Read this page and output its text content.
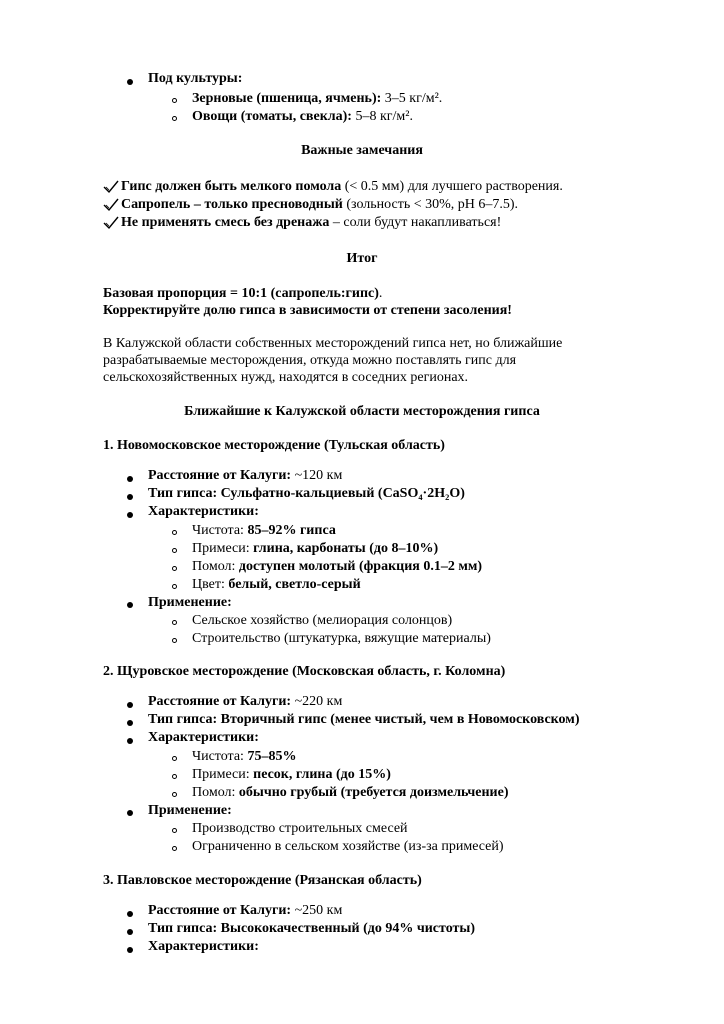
Под культуры:
Зерновые (пшеница, ячмень): 3–5 кг/м².
Овощи (томаты, свекла): 5–8 кг/м².
Важные замечания
Гипс должен быть мелкого помола (< 0.5 мм) для лучшего растворения.
Сапропель – только пресноводный (зольность < 30%, pH 6–7.5).
Не применять смесь без дренажа – соли будут накапливаться!
Итог
Базовая пропорция = 10:1 (сапропель:гипс).
Корректируйте долю гипса в зависимости от степени засоления!
В Калужской области собственных месторождений гипса нет, но ближайшие
разрабатываемые месторождения, откуда можно поставлять гипс для
сельскохозяйственных нужд, находятся в соседних регионах.
Ближайшие к Калужской области месторождения гипса
1. Новомосковское месторождение (Тульская область)
Расстояние от Калуги: ~120 км
Тип гипса: Сульфатно-кальциевый (CaSO₄·2H₂O)
Характеристики:
Чистота: 85–92% гипса
Примеси: глина, карбонаты (до 8–10%)
Помол: доступен молотый (фракция 0.1–2 мм)
Цвет: белый, светло-серый
Применение:
Сельское хозяйство (мелиорация солонцов)
Строительство (штукатурка, вяжущие материалы)
2. Щуровское месторождение (Московская область, г. Коломна)
Расстояние от Калуги: ~220 км
Тип гипса: Вторичный гипс (менее чистый, чем в Новомосковском)
Характеристики:
Чистота: 75–85%
Примеси: песок, глина (до 15%)
Помол: обычно грубый (требуется доизмельчение)
Применение:
Производство строительных смесей
Ограниченно в сельском хозяйстве (из-за примесей)
3. Павловское месторождение (Рязанская область)
Расстояние от Калуги: ~250 км
Тип гипса: Высококачественный (до 94% чистоты)
Характеристики:
